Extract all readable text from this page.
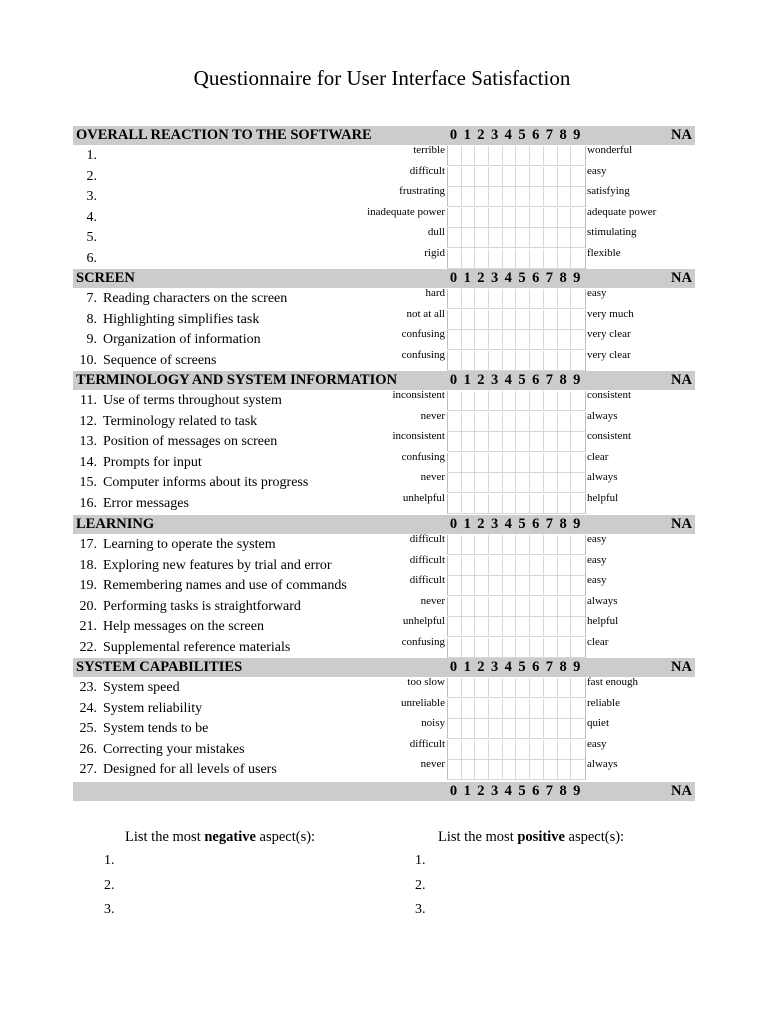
Questionnaire for User Interface Satisfaction
OVERALL REACTION TO THE SOFTWARE	0 1 2 3 4 5 6 7 8 9	NA
1.	terrible	wonderful
2.	difficult	easy
3.	frustrating	satisfying
4.	inadequate power	adequate power
5.	dull	stimulating
6.	rigid	flexible
SCREEN	0 1 2 3 4 5 6 7 8 9	NA
7. Reading characters on the screen	hard	easy
8. Highlighting simplifies task	not at all	very much
9. Organization of information	confusing	very clear
10. Sequence of screens	confusing	very clear
TERMINOLOGY AND SYSTEM INFORMATION	0 1 2 3 4 5 6 7 8 9	NA
11. Use of terms throughout system	inconsistent	consistent
12. Terminology related to task	never	always
13. Position of messages on screen	inconsistent	consistent
14. Prompts for input	confusing	clear
15. Computer informs about its progress	never	always
16. Error messages	unhelpful	helpful
LEARNING	0 1 2 3 4 5 6 7 8 9	NA
17. Learning to operate the system	difficult	easy
18. Exploring new features by trial and error	difficult	easy
19. Remembering names and use of commands	difficult	easy
20. Performing tasks is straightforward	never	always
21. Help messages on the screen	unhelpful	helpful
22. Supplemental reference materials	confusing	clear
SYSTEM CAPABILITIES	0 1 2 3 4 5 6 7 8 9	NA
23. System speed	too slow	fast enough
24. System reliability	unreliable	reliable
25. System tends to be	noisy	quiet
26. Correcting your mistakes	difficult	easy
27. Designed for all levels of users	never	always
0 1 2 3 4 5 6 7 8 9	NA
List the most negative aspect(s):
1.
2.
3.
List the most positive aspect(s):
1.
2.
3.
